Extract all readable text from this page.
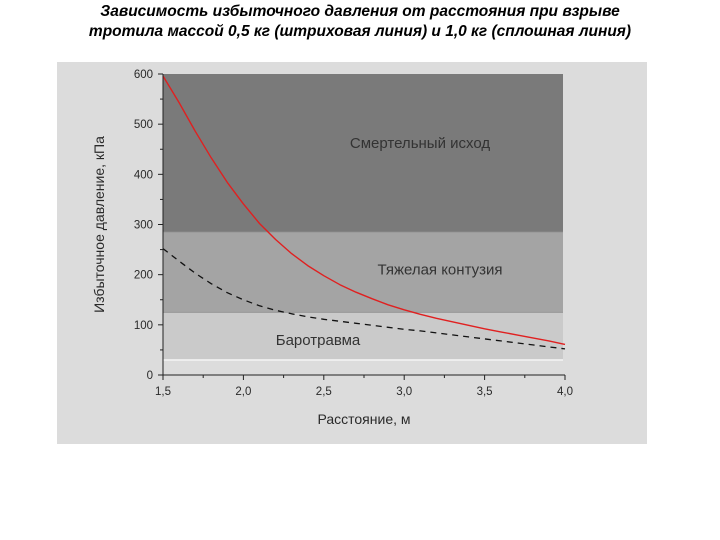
Зависимость избыточного давления от расстояния при взрыве
тротила массой 0,5 кг (штриховая линия) и 1,0 кг (сплошная линия)
0
100
200
300
400
500
600
1,5	2,0	2,5	3,0	3,5	4,0
Расстояние, м
Избыточное давление, кПа	Смертельный исход
Тяжелая контузия
Баротравма
